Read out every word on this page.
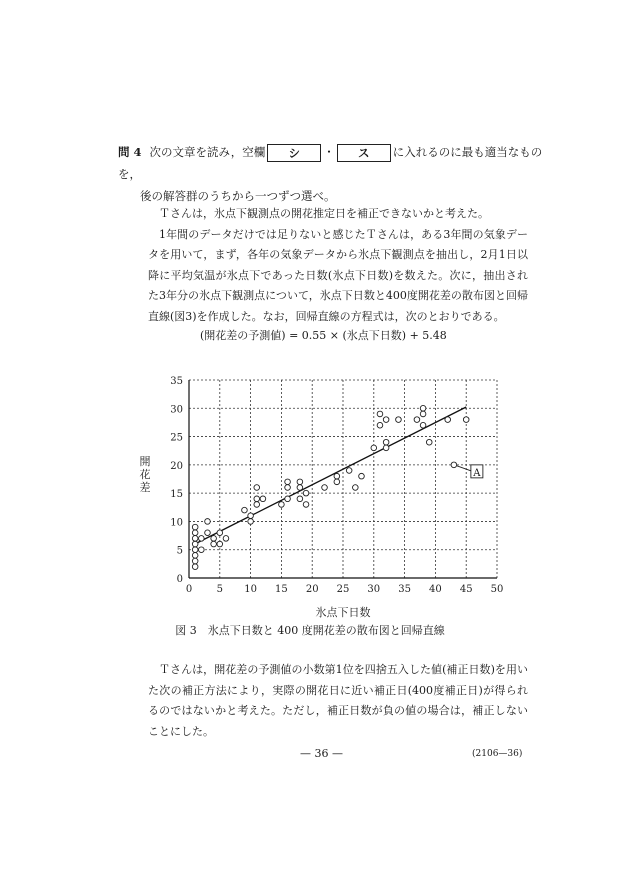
問 4 次の文章を読み，空欄 シ ・ ス に入れるのに最も適当なものを，
後の解答群のうちから一つずつ選べ。

Ｔさんは，氷点下観測点の開花推定日を補正できないかと考えた。

1年間のデータだけでは足りないと感じたＴさんは，ある3年間の気象データを用いて，まず，各年の気象データから氷点下観測点を抽出し，2月1日以降に平均気温が氷点下であった日数(氷点下日数)を数えた。次に，抽出された3年分の氷点下観測点について，氷点下日数と400度開花差の散布図と回帰直線(図3)を作成した。なお，回帰直線の方程式は，次のとおりである。

(開花差の予測値) = 0.55 × (氷点下日数) + 5.48
0 5 10 15 20 25 30 35 40 45 50
0
5
10
15
20
25
30
35
氷点下日数
開
花
差
A
図 3　氷点下日数と 400 度開花差の散布図と回帰直線

Ｔさんは，開花差の予測値の小数第1位を四捨五入した値(補正日数)を用いた次の補正方法により，実際の開花日に近い補正日(400度補正日)が得られるのではないかと考えた。ただし，補正日数が負の値の場合は，補正しないことにした。

— 36 —	(2106—36)
